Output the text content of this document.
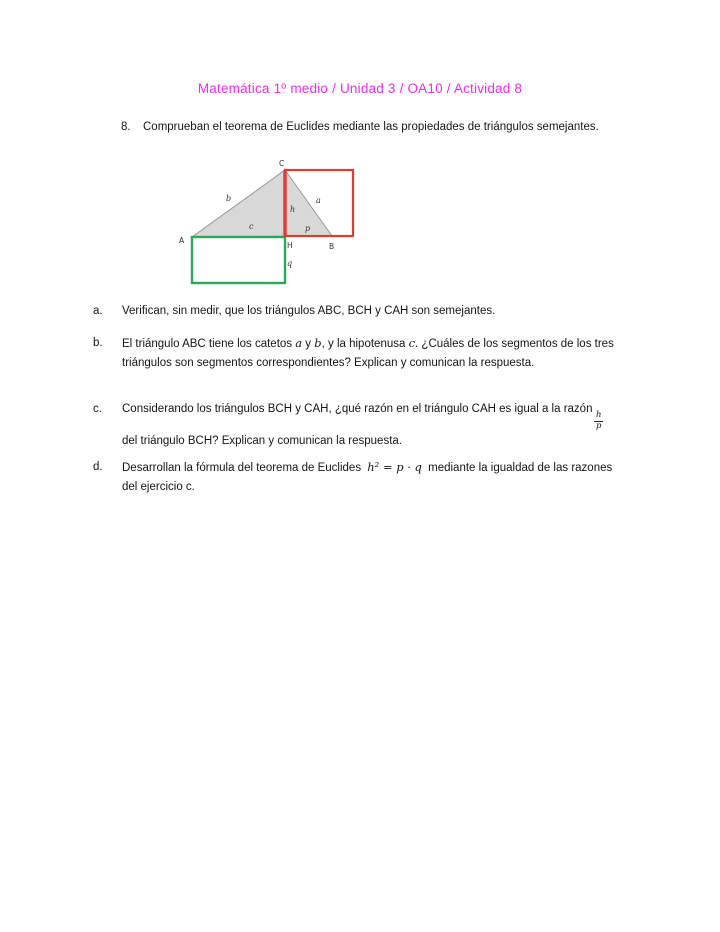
Matemática 1º medio / Unidad 3 / OA10 / Actividad 8
8.	Comprueban el teorema de Euclides mediante las propiedades de triángulos semejantes.
C
A
B
H
b	a
h
c	p
q
a.	Verifican, sin medir, que los triángulos ABC, BCH y CAH son semejantes.
b.	El triángulo ABC tiene los catetos a y b, y la hipotenusa c. ¿Cuáles de los segmentos de los tres triángulos son segmentos correspondientes? Explican y comunican la respuesta.
c.	Considerando los triángulos BCH y CAH, ¿qué razón en el triángulo CAH es igual a la razón
$\frac{h}{p}$
del triángulo BCH? Explican y comunican la respuesta.
d.	Desarrollan la fórmula del teorema de Euclides h² = p · q mediante la igualdad de las razones del ejercicio c.
